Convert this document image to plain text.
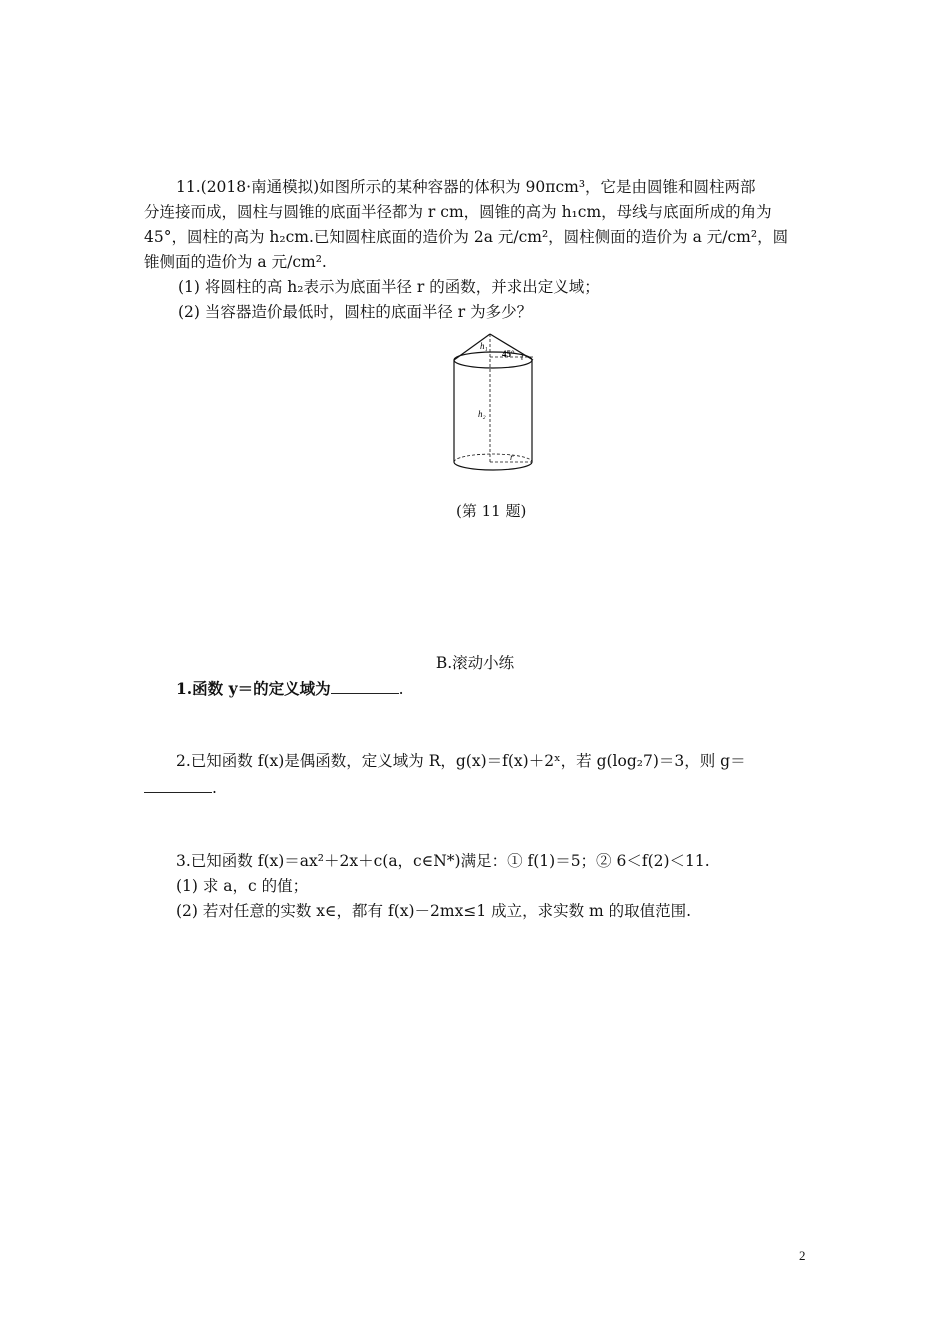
11.(2018·南通模拟)如图所示的某种容器的体积为 90πcm³，它是由圆锥和圆柱两部
分连接而成，圆柱与圆锥的底面半径都为 r cm，圆锥的高为 h₁cm，母线与底面所成的角为
45°，圆柱的高为 h₂cm.已知圆柱底面的造价为 2a 元/cm²，圆柱侧面的造价为 a 元/cm²，圆
锥侧面的造价为 a 元/cm².
(1) 将圆柱的高 h₂表示为底面半径 r 的函数，并求出定义域；
(2) 当容器造价最低时，圆柱的底面半径 r 为多少？
h₁
45°
h₂
r
(第 11 题)
B.滚动小练
1.函数 y＝的定义域为	.
2.已知函数 f(x)是偶函数，定义域为 R，g(x)＝f(x)＋2ˣ，若 g(log₂7)＝3，则 g＝
.
3.已知函数 f(x)＝ax²＋2x＋c(a，c∈N*)满足：① f(1)＝5；② 6＜f(2)＜11.
(1) 求 a，c 的值；
(2) 若对任意的实数 x∈，都有 f(x)－2mx≤1 成立，求实数 m 的取值范围.
2
